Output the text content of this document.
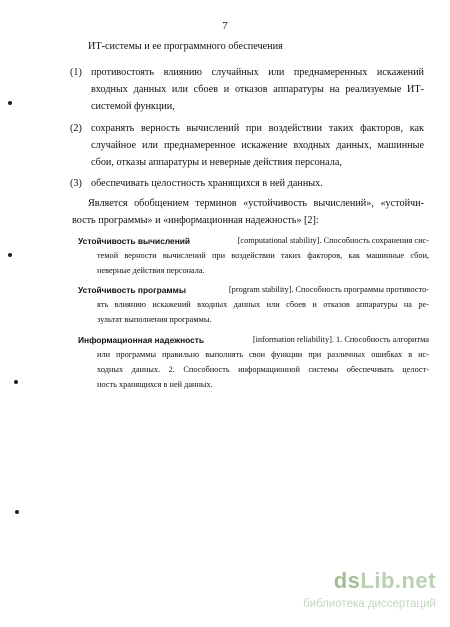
7
ИТ-системы и ее программного обеспечения
(1) противостоять влиянию случайных или преднамеренных искажений
входных данных или сбоев и отказов аппаратуры на реализуемые ИТ-
системой функции,
(2) сохранять верность вычислений при воздействии таких факторов, как
случайное или преднамеренное искажение входных данных, машинные
сбои, отказы аппаратуры и неверные действия персонала,
(3) обеспечивать целостность хранящихся в ней данных.
Является обобщением терминов «устойчивость вычислений», «устойчи-
вость программы» и «информационная надежность» [2]:
Устойчивость вычислений	[computational stability]. Способность сохранения сис-
темой верности вычислений при воздействии таких факторов, как машинные сбои,
неверные действия персонала.
Устойчивость программы	[program stability]. Способность программы противосто-
ять влиянию искажений входных данных или сбоев и отказов аппаратуры на ре-
зультат выполнения программы.
Информационная надежность	[information reliability]. 1. Способность алгоритма
или программы правильно выполнять свои функции при различных ошибках в ис-
ходных данных. 2. Способность информационной системы обеспечивать целост-
ность хранящихся в ней данных.
dsLib.net
библиотека диссертаций
